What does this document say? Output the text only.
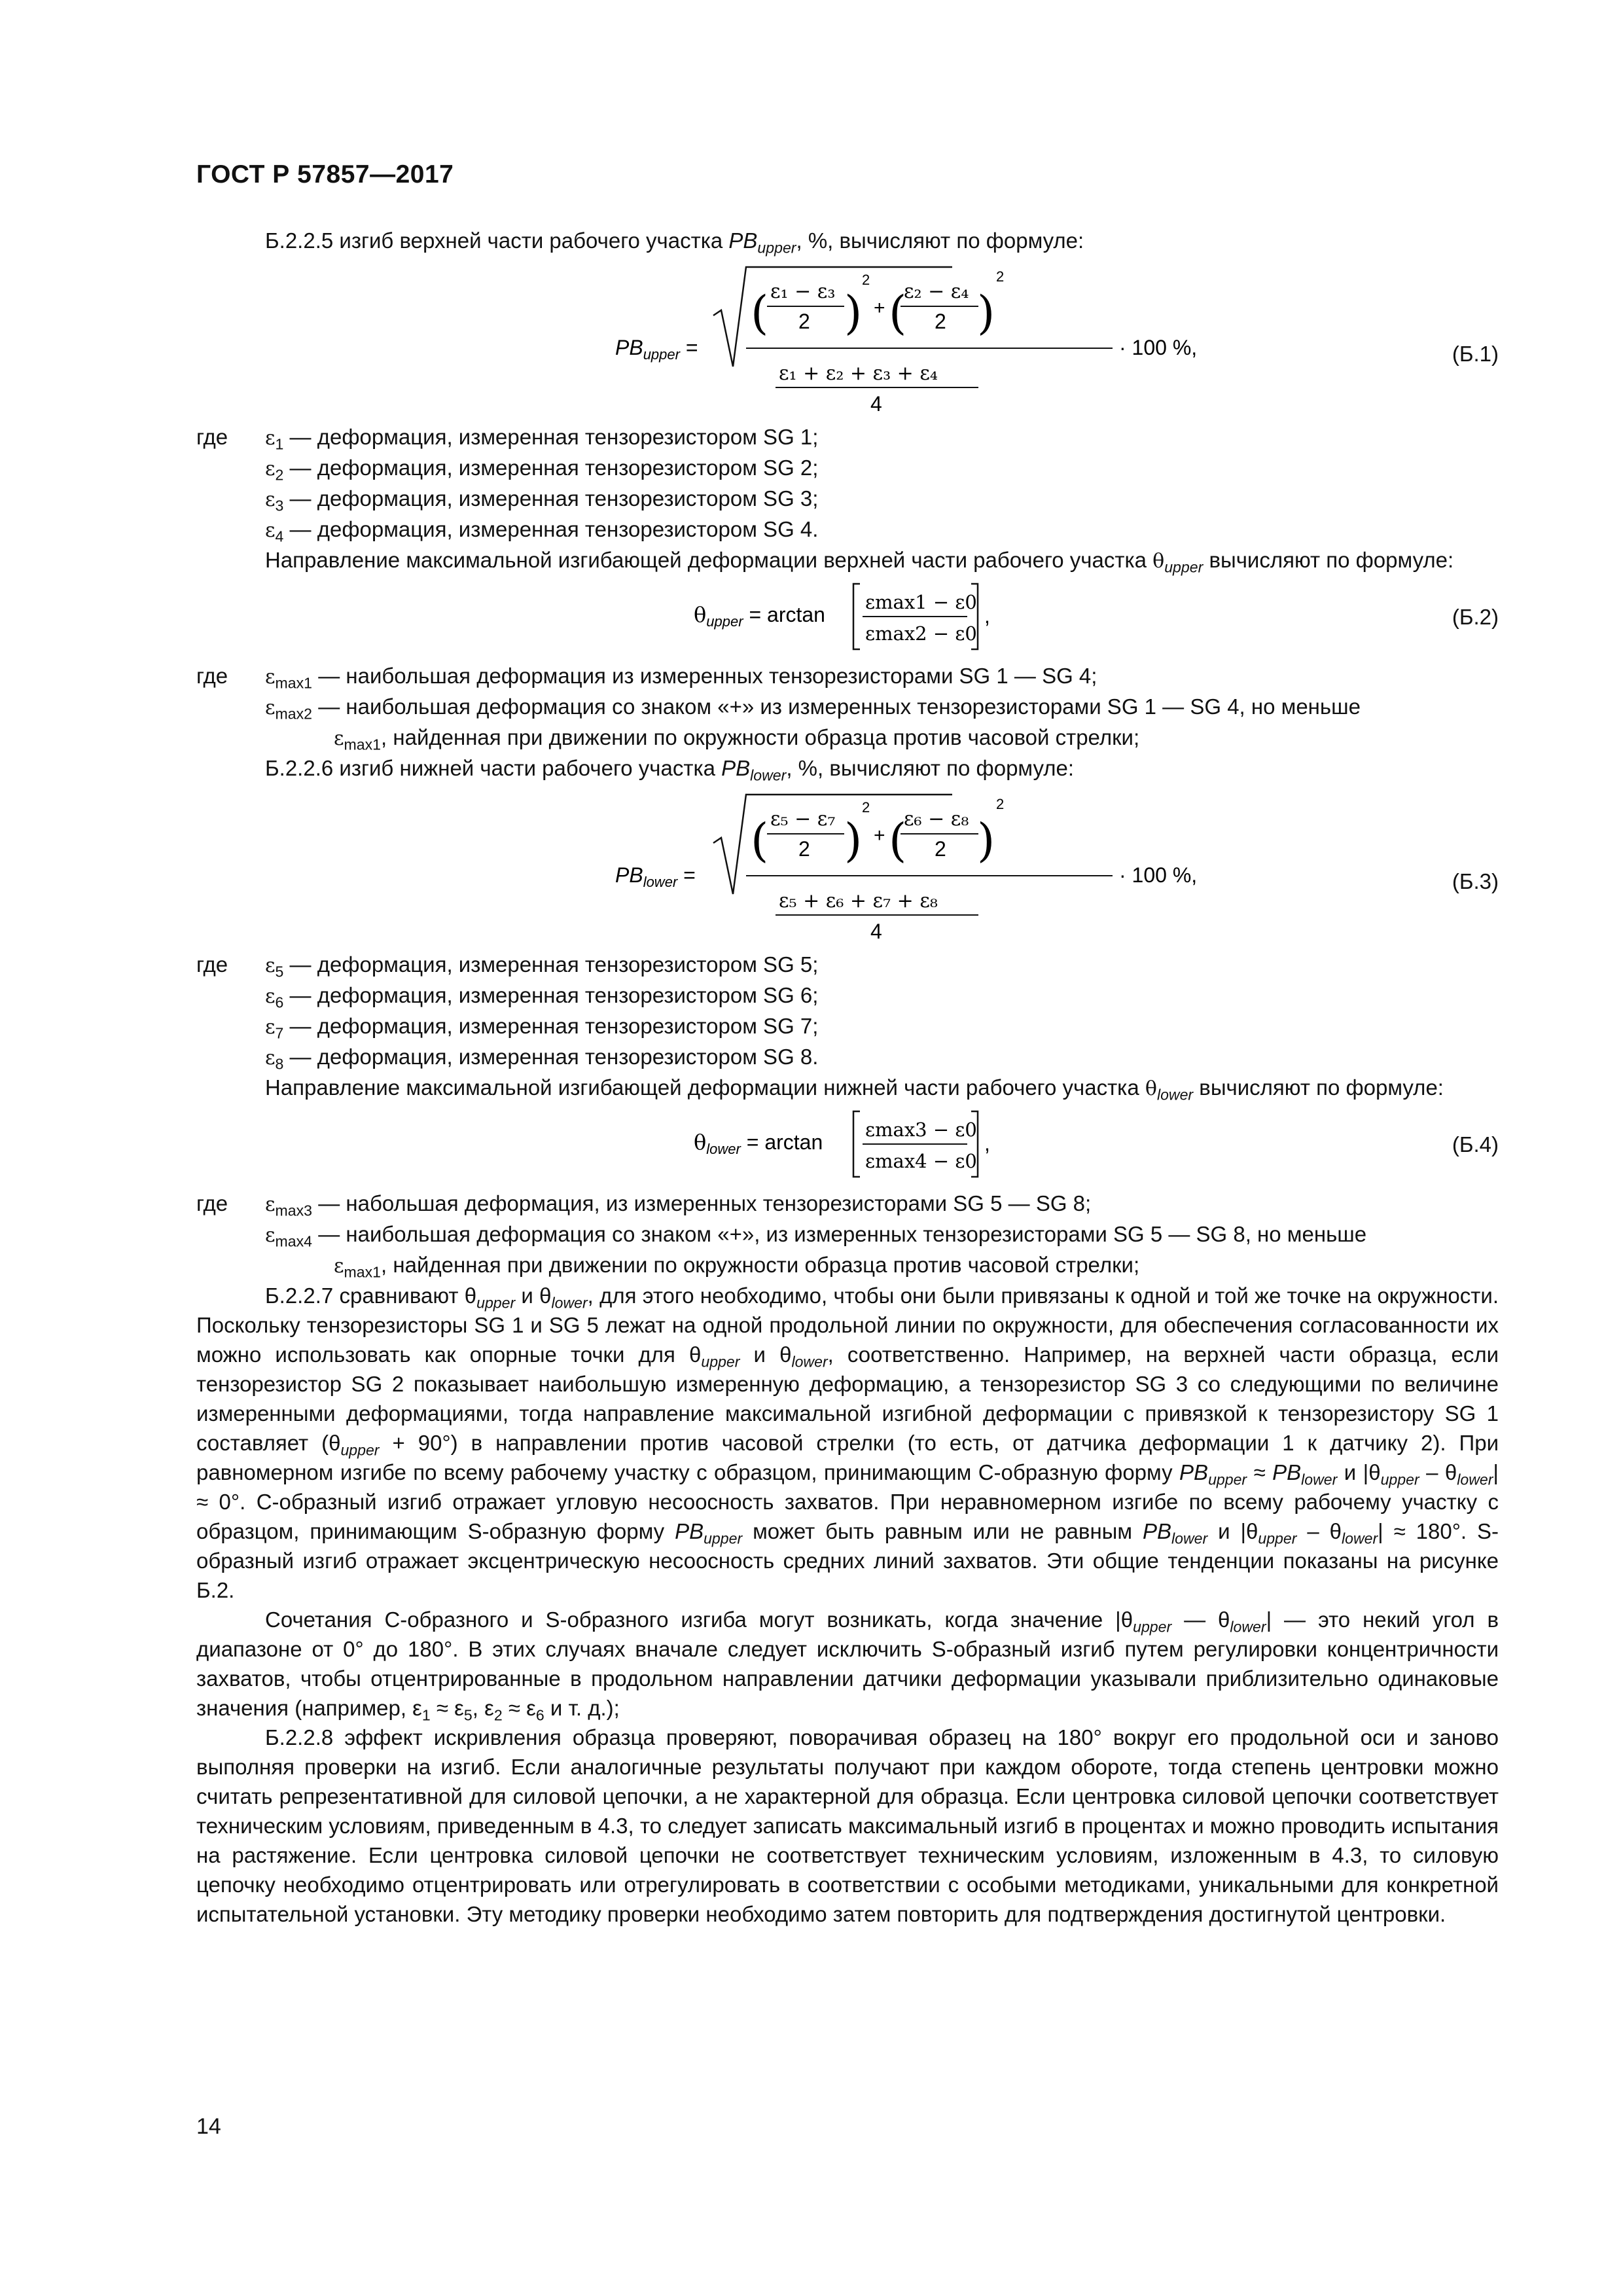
ГОСТ Р 57857—2017

Б.2.2.5 изгиб верхней части рабочего участка $PB_{upper}$, %, вычисляют по формуле:

$PB_{upper}$ =
( ε₁ − ε₃
2 )
2
+ (
ε₂ − ε₄
2 )
2
ε₁ + ε₂ + ε₃ + ε₄
4
· 100 %,	(Б.1)
где	$\varepsilon_1$ — деформация, измеренная тензорезистором SG 1;
$\varepsilon_2$ — деформация, измеренная тензорезистором SG 2;
$\varepsilon_3$ — деформация, измеренная тензорезистором SG 3;
$\varepsilon_4$ — деформация, измеренная тензорезистором SG 4.

Направление максимальной изгибающей деформации верхней части рабочего участка $\theta_{upper}$ вычисляют по формуле:

$\theta_{upper} = \arctan$
εmax1 − ε0
εmax2 − ε0
,	(Б.2)
где	$\varepsilon_{max1}$ — наибольшая деформация из измеренных тензорезисторами SG 1 — SG 4;
$\varepsilon_{max2}$ — наибольшая деформация со знаком «+» из измеренных тензорезисторами SG 1 — SG 4, но меньше
$\varepsilon_{max1}$, найденная при движении по окружности образца против часовой стрелки;

Б.2.2.6 изгиб нижней части рабочего участка $PB_{lower}$, %, вычисляют по формуле:

$PB_{lower}$ =
( ε₅ − ε₇
2 )
2
+ (
ε₆ − ε₈
2 )
2
ε₅ + ε₆ + ε₇ + ε₈
4
· 100 %,	(Б.3)
где	$\varepsilon_5$ — деформация, измеренная тензорезистором SG 5;
$\varepsilon_6$ — деформация, измеренная тензорезистором SG 6;
$\varepsilon_7$ — деформация, измеренная тензорезистором SG 7;
$\varepsilon_8$ — деформация, измеренная тензорезистором SG 8.

Направление максимальной изгибающей деформации нижней части рабочего участка $\theta_{lower}$ вычисляют по формуле:

$\theta_{lower} = \arctan$
εmax3 − ε0
εmax4 − ε0
,	(Б.4)
где	$\varepsilon_{max3}$ — набольшая деформация, из измеренных тензорезисторами SG 5 — SG 8;
$\varepsilon_{max4}$ — наибольшая деформация со знаком «+», из измеренных тензорезисторами SG 5 — SG 8, но меньше
$\varepsilon_{max1}$, найденная при движении по окружности образца против часовой стрелки;

Б.2.2.7 сравнивают $\theta_{upper}$ и $\theta_{lower}$, для этого необходимо, чтобы они были привязаны к одной и той же точке на окружности. Поскольку тензорезисторы SG 1 и SG 5 лежат на одной продольной линии по окружности, для обеспечения согласованности их можно использовать как опорные точки для $\theta_{upper}$ и $\theta_{lower}$, соответственно. Например, на верхней части образца, если тензорезистор SG 2 показывает наибольшую измеренную деформацию, а тензорезистор SG 3 со следующими по величине измеренными деформациями, тогда направление максимальной изгибной деформации с привязкой к тензорезистору SG 1 составляет $(\theta_{upper} + 90^\circ)$ в направлении против часовой стрелки (то есть, от датчика деформации 1 к датчику 2). При равномерном изгибе по всему рабочему участку с образцом, принимающим С-образную форму $PB_{upper} \approx PB_{lower}$ и $|\theta_{upper} - \theta_{lower}| \approx 0^\circ$. С-образный изгиб отражает угловую несоосность захватов. При неравномерном изгибе по всему рабочему участку с образцом, принимающим S-образную форму $PB_{upper}$ может быть равным или не равным $PB_{lower}$ и $|\theta_{upper} - \theta_{lower}| \approx 180^\circ$. S-образный изгиб отражает эксцентрическую несоосность средних линий захватов. Эти общие тенденции показаны на рисунке Б.2.

Сочетания С-образного и S-образного изгиба могут возникать, когда значение $|\theta_{upper}$ — $\theta_{lower}|$ — это некий угол в диапазоне от 0° до 180°. В этих случаях вначале следует исключить S-образный изгиб путем регулировки концентричности захватов, чтобы отцентрированные в продольном направлении датчики деформации указывали приблизительно одинаковые значения (например, $\varepsilon_1 \approx \varepsilon_5$, $\varepsilon_2 \approx \varepsilon_6$ и т. д.);

Б.2.2.8 эффект искривления образца проверяют, поворачивая образец на 180° вокруг его продольной оси и заново выполняя проверки на изгиб. Если аналогичные результаты получают при каждом обороте, тогда степень центровки можно считать репрезентативной для силовой цепочки, а не характерной для образца. Если центровка силовой цепочки соответствует техническим условиям, приведенным в 4.3, то следует записать максимальный изгиб в процентах и можно проводить испытания на растяжение. Если центровка силовой цепочки не соответствует техническим условиям, изложенным в 4.3, то силовую цепочку необходимо отцентрировать или отрегулировать в соответствии с особыми методиками, уникальными для конкретной испытательной установки. Эту методику проверки необходимо затем повторить для подтверждения достигнутой центровки.

14
